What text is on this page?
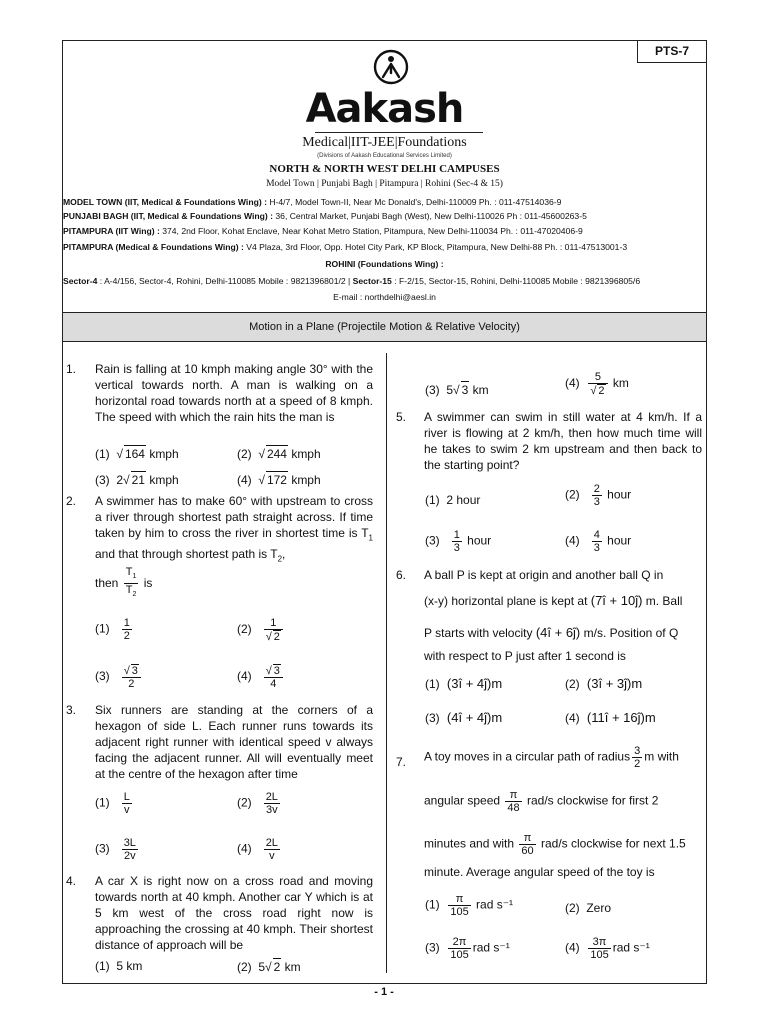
PTS-7
Aakash
Medical|IIT-JEE|Foundations
(Divisions of Aakash Educational Services Limited)
NORTH & NORTH WEST DELHI CAMPUSES
Model Town | Punjabi Bagh | Pitampura | Rohini (Sec-4 & 15)
MODEL TOWN (IIT, Medical & Foundations Wing) : H-4/7, Model Town-II, Near Mc Donald's, Delhi-110009 Ph. : 011-47514036-9
PUNJABI BAGH (IIT, Medical & Foundations Wing) : 36, Central Market, Punjabi Bagh (West), New Delhi-110026 Ph : 011-45600263-5
PITAMPURA (IIT Wing) : 374, 2nd Floor, Kohat Enclave, Near Kohat Metro Station, Pitampura, New Delhi-110034 Ph. : 011-47020406-9
PITAMPURA (Medical & Foundations Wing) : V4 Plaza, 3rd Floor, Opp. Hotel City Park, KP Block, Pitampura, New Delhi-88 Ph. : 011-47513001-3
ROHINI (Foundations Wing) :
Sector-4 : A-4/156, Sector-4, Rohini, Delhi-110085 Mobile : 9821396801/2 | Sector-15 : F-2/15, Sector-15, Rohini, Delhi-110085 Mobile : 9821396805/6
E-mail : northdelhi@aesl.in
Motion in a Plane (Projectile Motion & Relative Velocity)
1. Rain is falling at 10 kmph making angle 30° with the vertical towards north. A man is walking on a horizontal road towards north at a speed of 8 kmph. The speed with which the rain hits the man is
(1) √ 164 kmph	(2) √ 244 kmph
(3) 2√ 21 kmph	(4) √ 172 kmph
2. A swimmer has to make 60° with upstream to cross a river through shortest path straight across. If time taken by him to cross the river in shortest time is $T_1$ and that through shortest path is $T_2$,
then $\frac{T_1}{T_2}$ is
$(1) \frac{1}{2}$	$(2) \frac{1}{√ 2}$
$(3) \frac{√ 3}{2}$	$(4) \frac{√ 3}{4}$
3. Six runners are standing at the corners of a hexagon of side L. Each runner runs towards its adjacent right runner with identical speed v always facing the adjacent runner. All will eventually meet at the centre of the hexagon after time
$(1) \frac{L}{v}$	$(2) \frac{2L}{3v}$
$(3) \frac{3L}{2v}$	$(4) \frac{2L}{v}$
4. A car X is right now on a cross road and moving towards north at 40 kmph. Another car Y which is at 5 km west of the cross road right now is approaching the crossing at 40 kmph. Their shortest distance of approach will be
(1) 5 km	(2) 5√ 2 km
(3) 5√ 3 km	$(4) \frac{5}{√ 2}$ km
5. A swimmer can swim in still water at 4 km/h. If a river is flowing at 2 km/h, then how much time will he takes to swim 2 km upstream and then back to the starting point?
(1) 2 hour	$(2) \frac{2}{3}$ hour
$(3) \frac{1}{3}$ hour	$(4) \frac{4}{3}$ hour
6. A ball P is kept at origin and another ball Q in
(x-y) horizontal plane is kept at (7î + 10ĵ) m. Ball
P starts with velocity (4î + 6ĵ) m/s. Position of Q
with respect to P just after 1 second is
(1) (3î + 4ĵ)m	(2) (3î + 3ĵ)m
(3) (4î + 4ĵ)m	(4) (11î + 16ĵ)m
7. A toy moves in a circular path of radius $\frac{3}{2}$ m with
angular speed $\frac{\pi}{48} rad/s$ clockwise for first 2
minutes and with $\frac{\pi}{60} rad/s$ clockwise for next 1.5
minute. Average angular speed of the toy is
$(1) \frac{\pi}{105}$ rad s⁻¹	(2) Zero
$(3) \frac{2\pi}{105}$ rad s⁻¹	$(4) \frac{3\pi}{105}$ rad s⁻¹
- 1 -
